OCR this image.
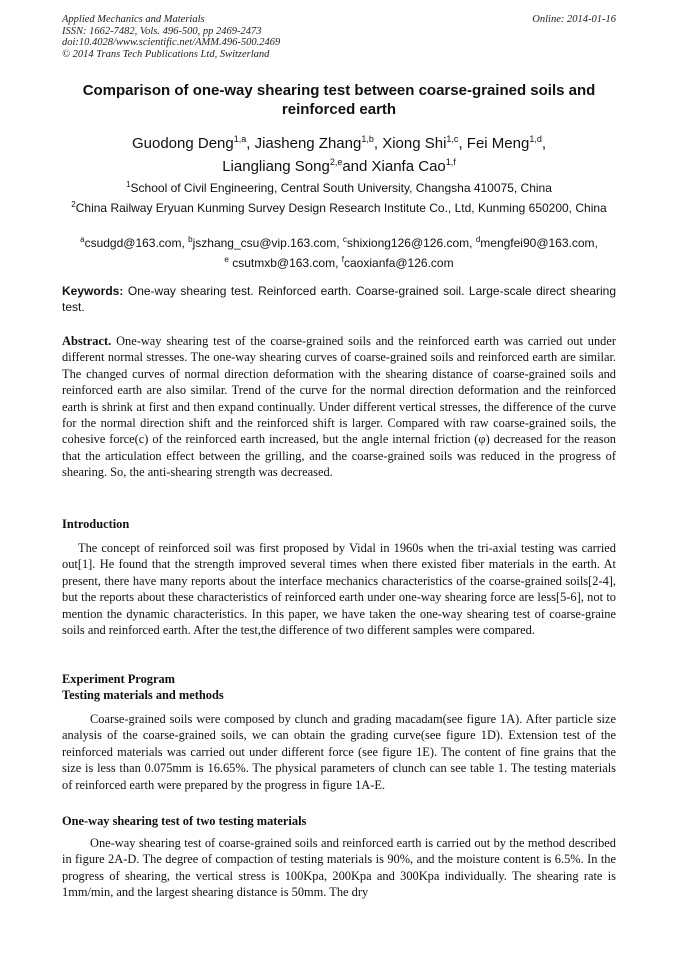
Applied Mechanics and Materials
ISSN: 1662-7482, Vols. 496-500, pp 2469-2473
doi:10.4028/www.scientific.net/AMM.496-500.2469
© 2014 Trans Tech Publications Ltd, Switzerland
Online: 2014-01-16
Comparison of one-way shearing test between coarse-grained soils and reinforced earth
Guodong Deng$^{1,a}$, Jiasheng Zhang$^{1,b}$, Xiong Shi$^{1,c}$, Fei Meng$^{1,d}$,
Liangliang Song$^{2,e}$and Xianfa Cao$^{1,f}$
$^1$School of Civil Engineering, Central South University, Changsha 410075, China
$^2$China Railway Eryuan Kunming Survey Design Research Institute Co., Ltd, Kunming 650200, China
$^a$csudgd@163.com, $^b$jszhang_csu@vip.163.com, $^c$shixiong126@126.com, $^d$mengfei90@163.com,
$^e$ csutmxb@163.com, $^f$caoxianfa@126.com
Keywords: One-way shearing test. Reinforced earth. Coarse-grained soil. Large-scale direct shearing test.
Abstract. One-way shearing test of the coarse-grained soils and the reinforced earth was carried out under different normal stresses. The one-way shearing curves of coarse-grained soils and reinforced earth are similar. The changed curves of normal direction deformation with the shearing distance of coarse-grained soils and reinforced earth are also similar. Trend of the curve for the normal direction deformation and the reinforced earth is shrink at first and then expand continually. Under different vertical stresses, the difference of the curve for the normal direction shift and the reinforced shift is larger. Compared with raw coarse-grained soils, the cohesive force(c) of the reinforced earth increased, but the angle internal friction (φ) decreased for the reason that the articulation effect between the grilling, and the coarse-grained soils was reduced in the progress of shearing. So, the anti-shearing strength was decreased.
Introduction
The concept of reinforced soil was first proposed by Vidal in 1960s when the tri-axial testing was carried out[1]. He found that the strength improved several times when there existed fiber materials in the earth. At present, there have many reports about the interface mechanics characteristics of the coarse-grained soils[2-4], but the reports about these characteristics of reinforced earth under one-way shearing force are less[5-6], not to mention the dynamic characteristics. In this paper, we have taken the one-way shearing test of coarse-graine soils and reinforced earth. After the test,the difference of two different samples were compared.
Experiment Program
Testing materials and methods
Coarse-grained soils were composed by clunch and grading macadam(see figure 1A). After particle size analysis of the coarse-grained soils, we can obtain the grading curve(see figure 1D). Extension test of the reinforced materials was carried out under different force (see figure 1E). The content of fine grains that the size is less than 0.075mm is 16.65%. The physical parameters of clunch can see table 1. The testing materials of reinforced earth were prepared by the progress in figure 1A-E.
One-way shearing test of two testing materials
One-way shearing test of coarse-grained soils and reinforced earth is carried out by the method described in figure 2A-D. The degree of compaction of testing materials is 90%, and the moisture content is 6.5%. In the progress of shearing, the vertical stress is 100Kpa, 200Kpa and 300Kpa individually. The shearing rate is 1mm/min, and the largest shearing distance is 50mm. The dry
